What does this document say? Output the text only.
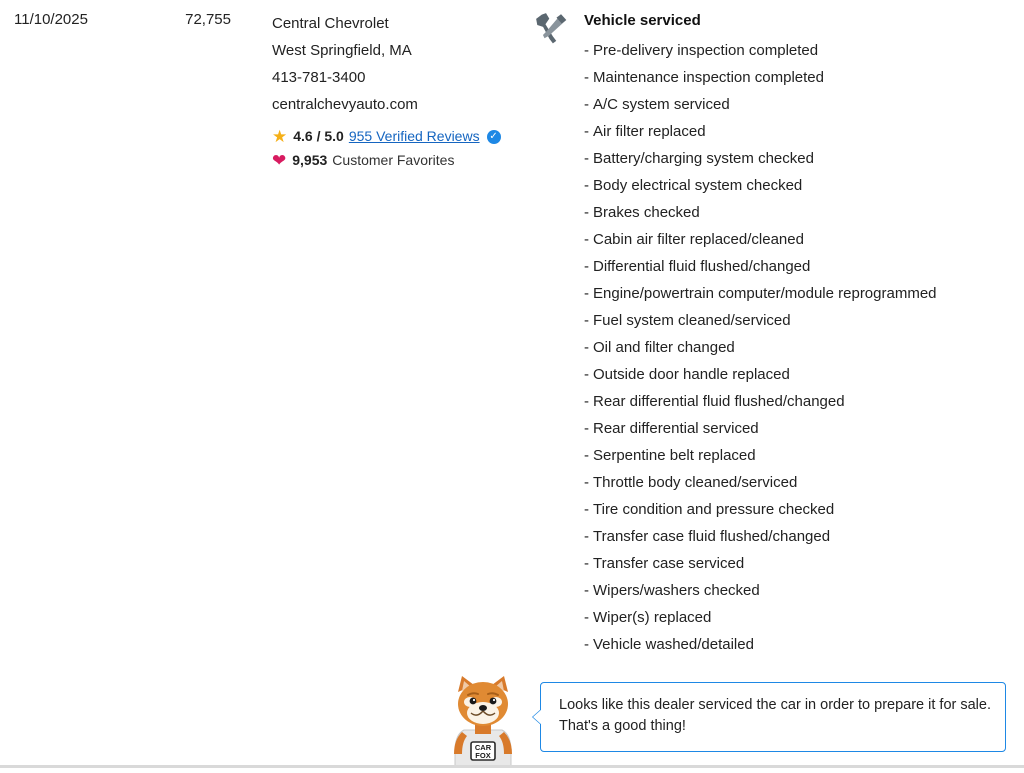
11/10/2025	72,755	Central Chevrolet
West Springfield, MA
413-781-3400
centralchevyauto.com
★ 4.6 / 5.0 955 Verified Reviews ✓
❤ 9,953 Customer Favorites
Vehicle serviced
- Pre-delivery inspection completed
- Maintenance inspection completed
- A/C system serviced
- Air filter replaced
- Battery/charging system checked
- Body electrical system checked
- Brakes checked
- Cabin air filter replaced/cleaned
- Differential fluid flushed/changed
- Engine/powertrain computer/module reprogrammed
- Fuel system cleaned/serviced
- Oil and filter changed
- Outside door handle replaced
- Rear differential fluid flushed/changed
- Rear differential serviced
- Serpentine belt replaced
- Throttle body cleaned/serviced
- Tire condition and pressure checked
- Transfer case fluid flushed/changed
- Transfer case serviced
- Wipers/washers checked
- Wiper(s) replaced
- Vehicle washed/detailed
CAR
FOX
Looks like this dealer serviced the car in order to prepare it for sale. That's a good thing!
